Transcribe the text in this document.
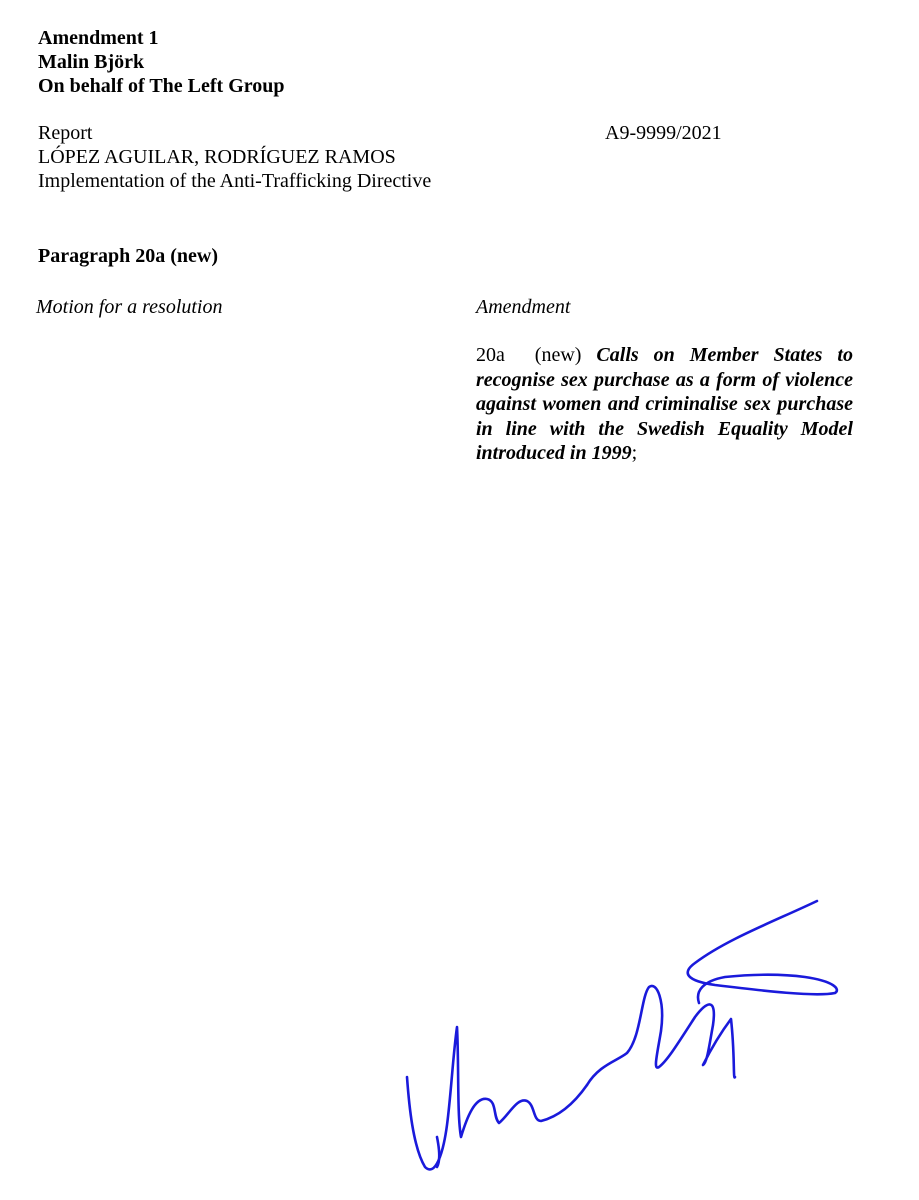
Amendment 1
Malin Björk
On behalf of The Left Group
Report
LÓPEZ AGUILAR, RODRÍGUEZ RAMOS
Implementation of the Anti-Trafficking Directive
A9-9999/2021
Paragraph 20a (new)
Motion for a resolution	Amendment
20a  (new) Calls on Member States to recognise sex purchase as a form of violence against women and criminalise sex purchase in line with the Swedish Equality Model introduced in 1999;
